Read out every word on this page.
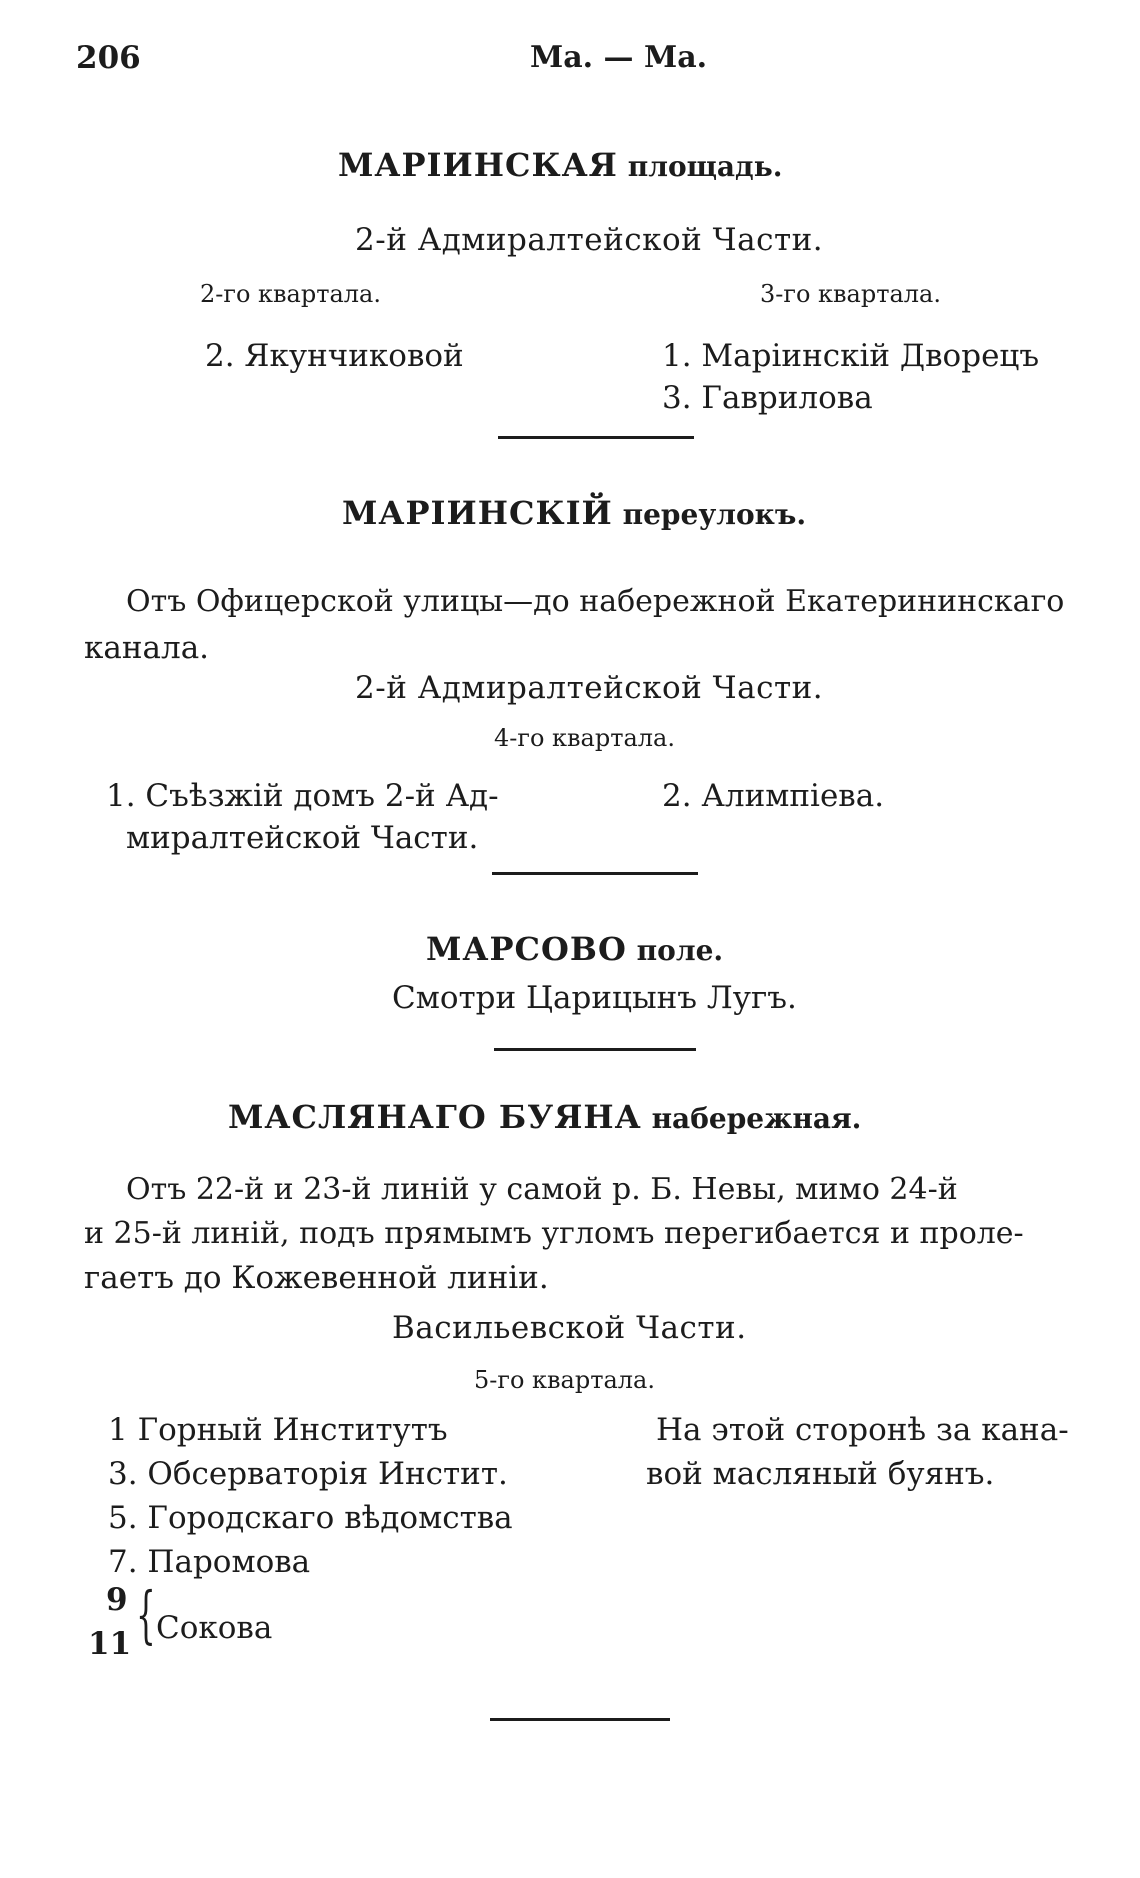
206	Ма. — Ма.
МАРІИНСКАЯ площадь.
2-й Адмиралтейской Части.
2-го квартала.	3-го квартала.
2. Якунчиковой	1. Маріинскій Дворецъ
3. Гаврилова
МАРІИНСКІЙ переулокъ.
Отъ Офицерской улицы—до набережной Екатерининскаго
канала.
2-й Адмиралтейской Части.
4-го квартала.
1. Съѣзжій домъ 2-й Ад-
миралтейской Части.
2. Алимпіева.
МАРСОВО поле.
Смотри Царицынъ Лугъ.
МАСЛЯНАГО БУЯНА набережная.
Отъ 22-й и 23-й линій у самой р. Б. Невы, мимо 24-й
и 25-й линій, подъ прямымъ угломъ перегибается и проле-
гаетъ до Кожевенной линіи.
Васильевской Части.
5-го квартала.
1 Горный Институтъ
3. Обсерваторія Инстит.
5. Городскаго вѣдомства
7. Паромова
9
11 { Сокова
На этой сторонѣ за кана-
вой масляный буянъ.
